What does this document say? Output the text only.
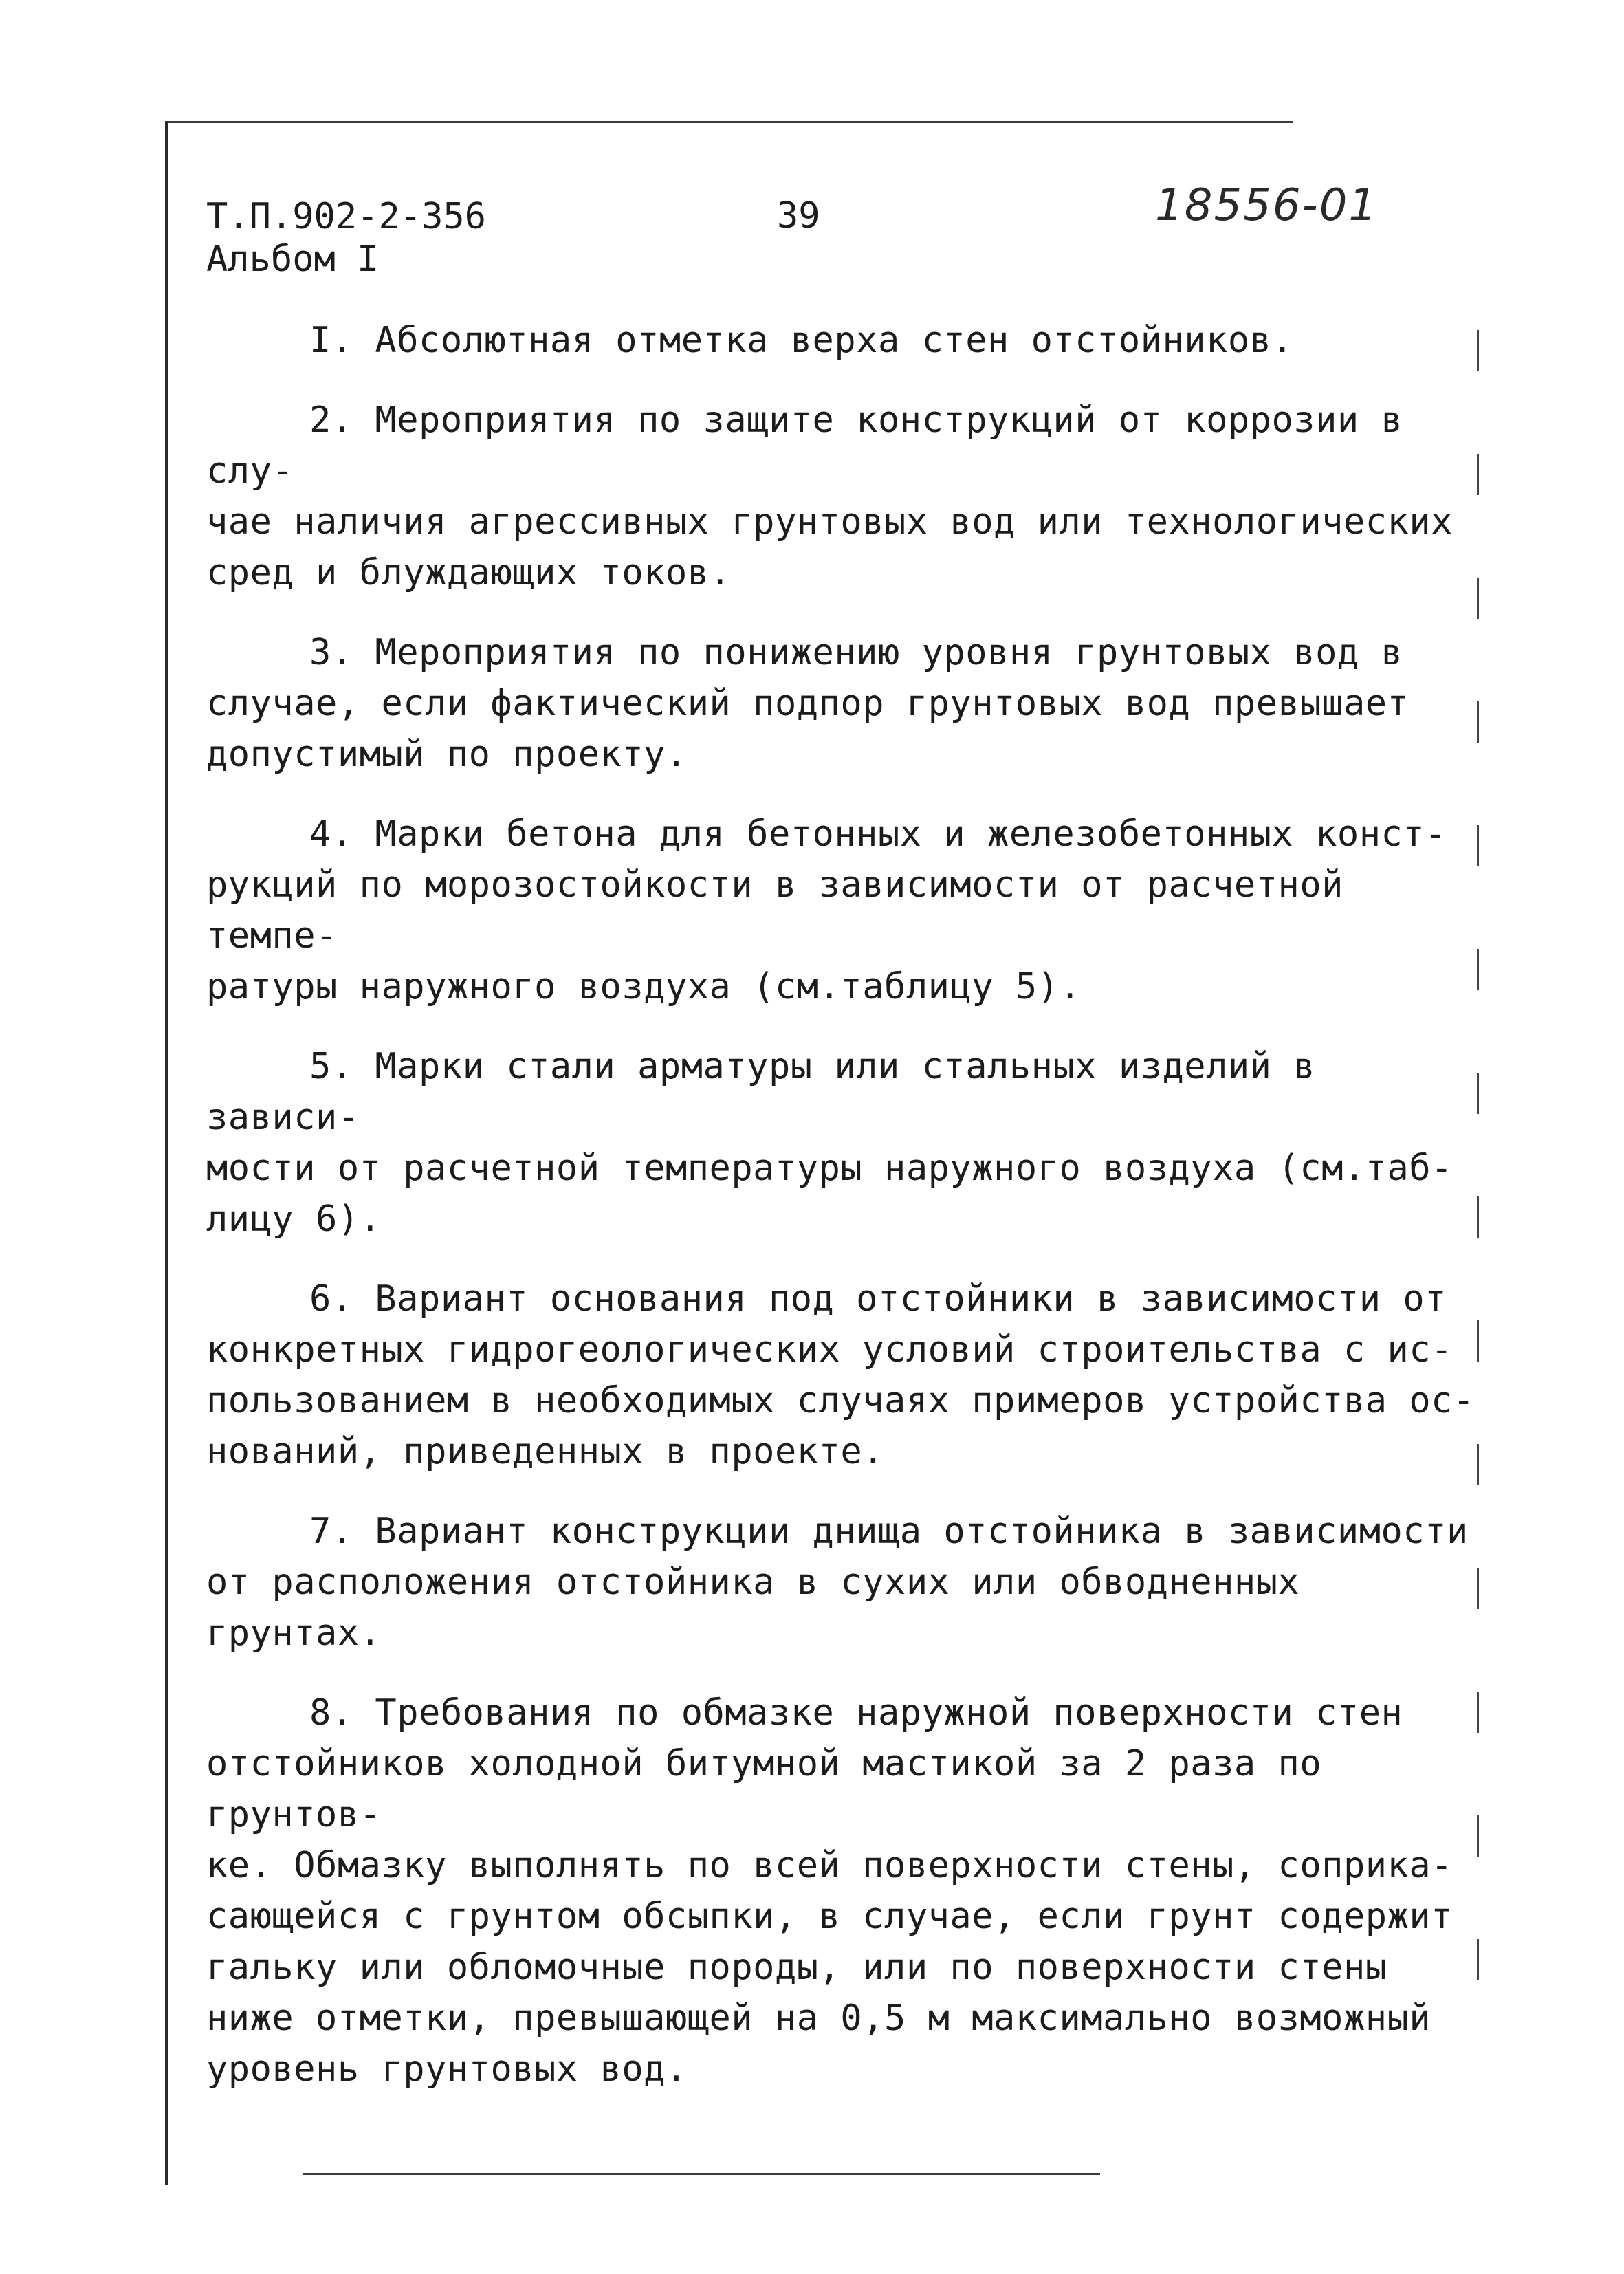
Т.П.902-2-356
Альбом I
39	18556-01

I. Абсолютная отметка верха стен отстойников.

2. Мероприятия по защите конструкций от коррозии в слу-
чае наличия агрессивных грунтовых вод или технологических
сред и блуждающих токов.

3. Мероприятия по понижению уровня грунтовых вод в
случае, если фактический подпор грунтовых вод превышает
допустимый по проекту.

4. Марки бетона для бетонных и железобетонных конст-
рукций по морозостойкости в зависимости от расчетной темпе-
ратуры наружного воздуха (см.таблицу 5).

5. Марки стали арматуры или стальных изделий в зависи-
мости от расчетной температуры наружного воздуха (см.таб-
лицу 6).

6. Вариант основания под отстойники в зависимости от
конкретных гидрогеологических условий строительства с ис-
пользованием в необходимых случаях примеров устройства ос-
нований, приведенных в проекте.

7. Вариант конструкции днища отстойника в зависимости
от расположения отстойника в сухих или обводненных грунтах.

8. Требования по обмазке наружной поверхности стен
отстойников холодной битумной мастикой за 2 раза по грунтов-
ке. Обмазку выполнять по всей поверхности стены, соприка-
сающейся с грунтом обсыпки, в случае, если грунт содержит
гальку или обломочные породы, или по поверхности стены
ниже отметки, превышающей на 0,5 м максимально возможный
уровень грунтовых вод.
